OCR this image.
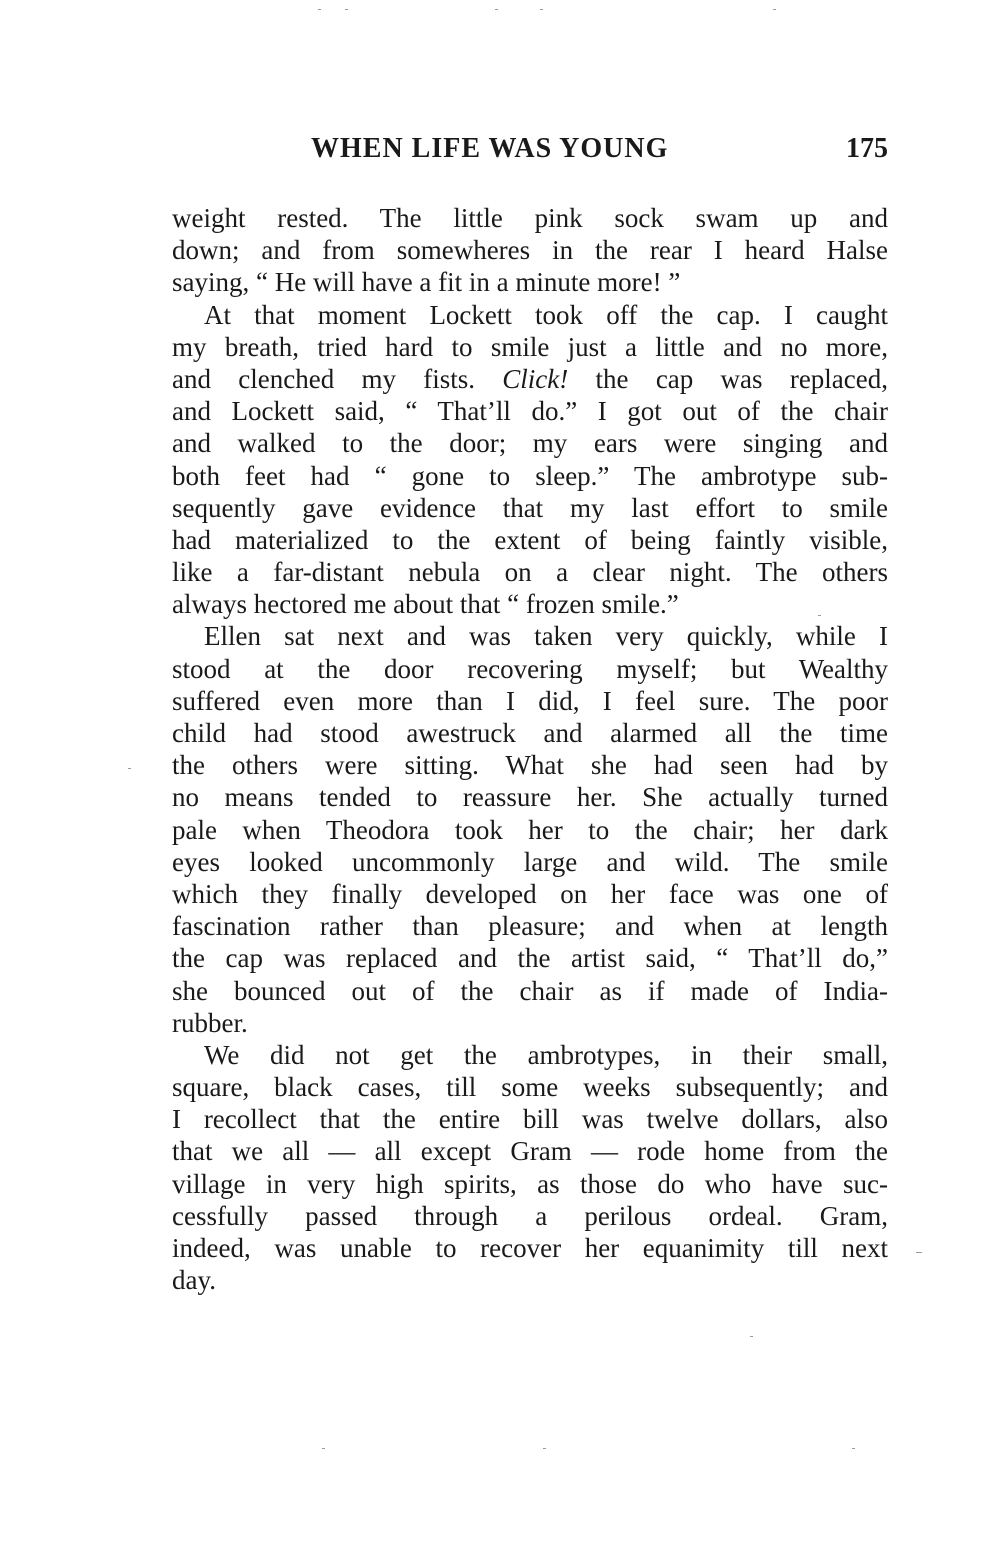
WHEN LIFE WAS YOUNG	175
weight rested. The little pink sock swam up and
down; and from somewheres in the rear I heard Halse
saying, “ He will have a fit in a minute more! ”
At that moment Lockett took off the cap. I caught
my breath, tried hard to smile just a little and no more,
and clenched my fists. Click! the cap was replaced,
and Lockett said, “ That’ll do.” I got out of the chair
and walked to the door; my ears were singing and
both feet had “ gone to sleep.” The ambrotype sub-
sequently gave evidence that my last effort to smile
had materialized to the extent of being faintly visible,
like a far-distant nebula on a clear night. The others
always hectored me about that “ frozen smile.”
Ellen sat next and was taken very quickly, while I
stood at the door recovering myself; but Wealthy
suffered even more than I did, I feel sure. The poor
child had stood awestruck and alarmed all the time
the others were sitting. What she had seen had by
no means tended to reassure her. She actually turned
pale when Theodora took her to the chair; her dark
eyes looked uncommonly large and wild. The smile
which they finally developed on her face was one of
fascination rather than pleasure; and when at length
the cap was replaced and the artist said, “ That’ll do,”
she bounced out of the chair as if made of India-
rubber.
We did not get the ambrotypes, in their small,
square, black cases, till some weeks subsequently; and
I recollect that the entire bill was twelve dollars, also
that we all — all except Gram — rode home from the
village in very high spirits, as those do who have suc-
cessfully passed through a perilous ordeal. Gram,
indeed, was unable to recover her equanimity till next
day.
